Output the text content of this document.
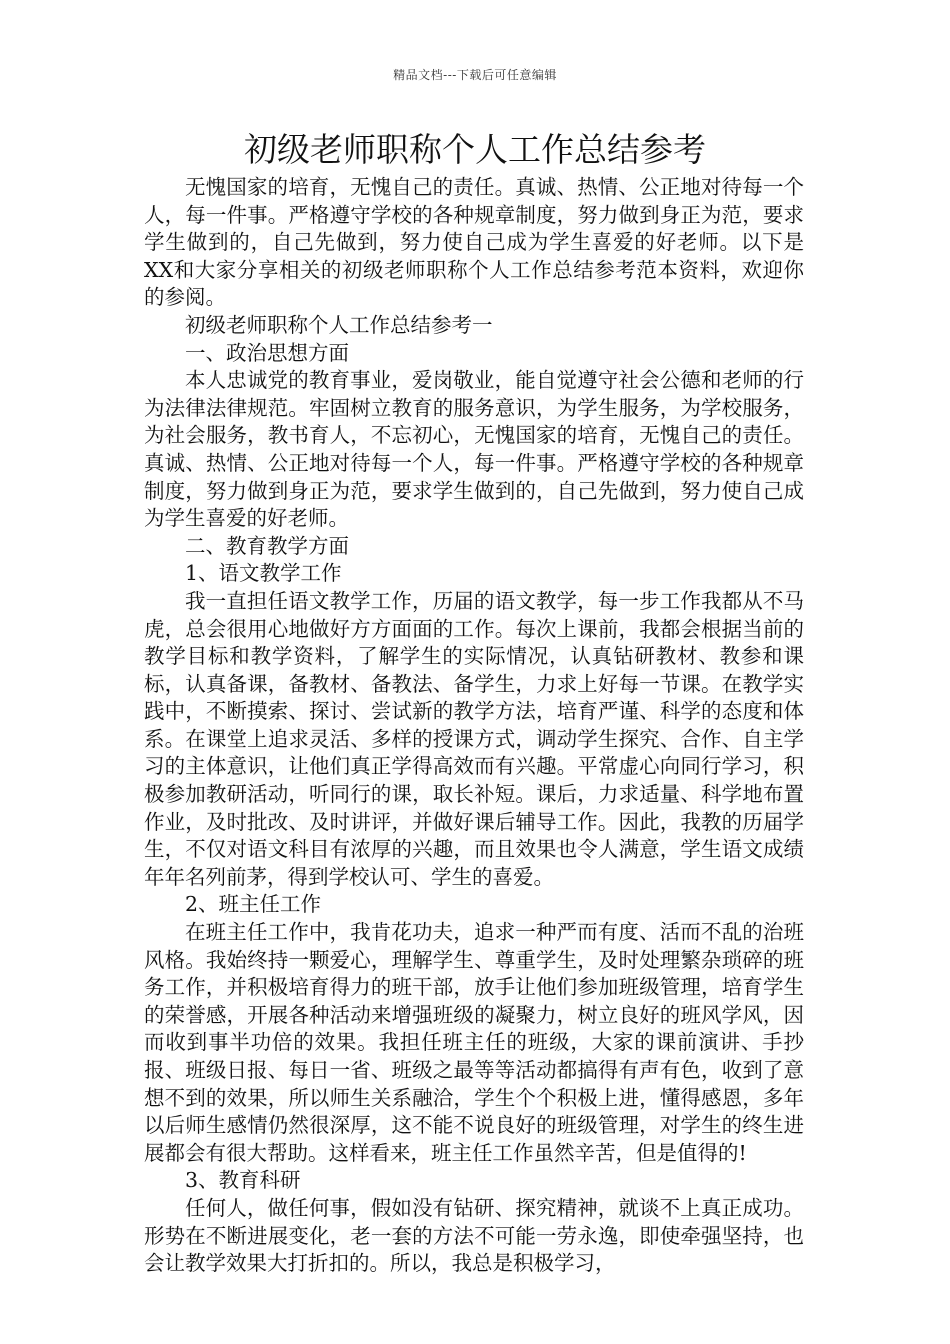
精品文档---下载后可任意编辑
初级老师职称个人工作总结参考

无愧国家的培育，无愧自己的责任。真诚、热情、公正地对待每一个人，每一件事。严格遵守学校的各种规章制度，努力做到身正为范，要求学生做到的，自己先做到，努力使自己成为学生喜爱的好老师。以下是XX和大家分享相关的初级老师职称个人工作总结参考范本资料，欢迎你的参阅。

初级老师职称个人工作总结参考一

一、政治思想方面

本人忠诚党的教育事业，爱岗敬业，能自觉遵守社会公德和老师的行为法律法律规范。牢固树立教育的服务意识，为学生服务，为学校服务，为社会服务，教书育人，不忘初心，无愧国家的培育，无愧自己的责任。真诚、热情、公正地对待每一个人，每一件事。严格遵守学校的各种规章制度，努力做到身正为范，要求学生做到的，自己先做到，努力使自己成为学生喜爱的好老师。

二、教育教学方面

1、语文教学工作

我一直担任语文教学工作，历届的语文教学，每一步工作我都从不马虎，总会很用心地做好方方面面的工作。每次上课前，我都会根据当前的教学目标和教学资料，了解学生的实际情况，认真钻研教材、教参和课标，认真备课，备教材、备教法、备学生，力求上好每一节课。在教学实践中，不断摸索、探讨、尝试新的教学方法，培育严谨、科学的态度和体系。在课堂上追求灵活、多样的授课方式，调动学生探究、合作、自主学习的主体意识，让他们真正学得高效而有兴趣。平常虚心向同行学习，积极参加教研活动，听同行的课，取长补短。课后，力求适量、科学地布置作业，及时批改、及时讲评，并做好课后辅导工作。因此，我教的历届学生，不仅对语文科目有浓厚的兴趣，而且效果也令人满意，学生语文成绩年年名列前茅，得到学校认可、学生的喜爱。

2、班主任工作

在班主任工作中，我肯花功夫，追求一种严而有度、活而不乱的治班风格。我始终持一颗爱心，理解学生、尊重学生，及时处理繁杂琐碎的班务工作，并积极培育得力的班干部，放手让他们参加班级管理，培育学生的荣誉感，开展各种活动来增强班级的凝聚力，树立良好的班风学风，因而收到事半功倍的效果。我担任班主任的班级，大家的课前演讲、手抄报、班级日报、每日一省、班级之最等等活动都搞得有声有色，收到了意想不到的效果，所以师生关系融洽，学生个个积极上进，懂得感恩，多年以后师生感情仍然很深厚，这不能不说良好的班级管理，对学生的终生进展都会有很大帮助。这样看来，班主任工作虽然辛苦，但是值得的!

3、教育科研

任何人，做任何事，假如没有钻研、探究精神，就谈不上真正成功。形势在不断进展变化，老一套的方法不可能一劳永逸，即使牵强坚持，也会让教学效果大打折扣的。所以，我总是积极学习，
